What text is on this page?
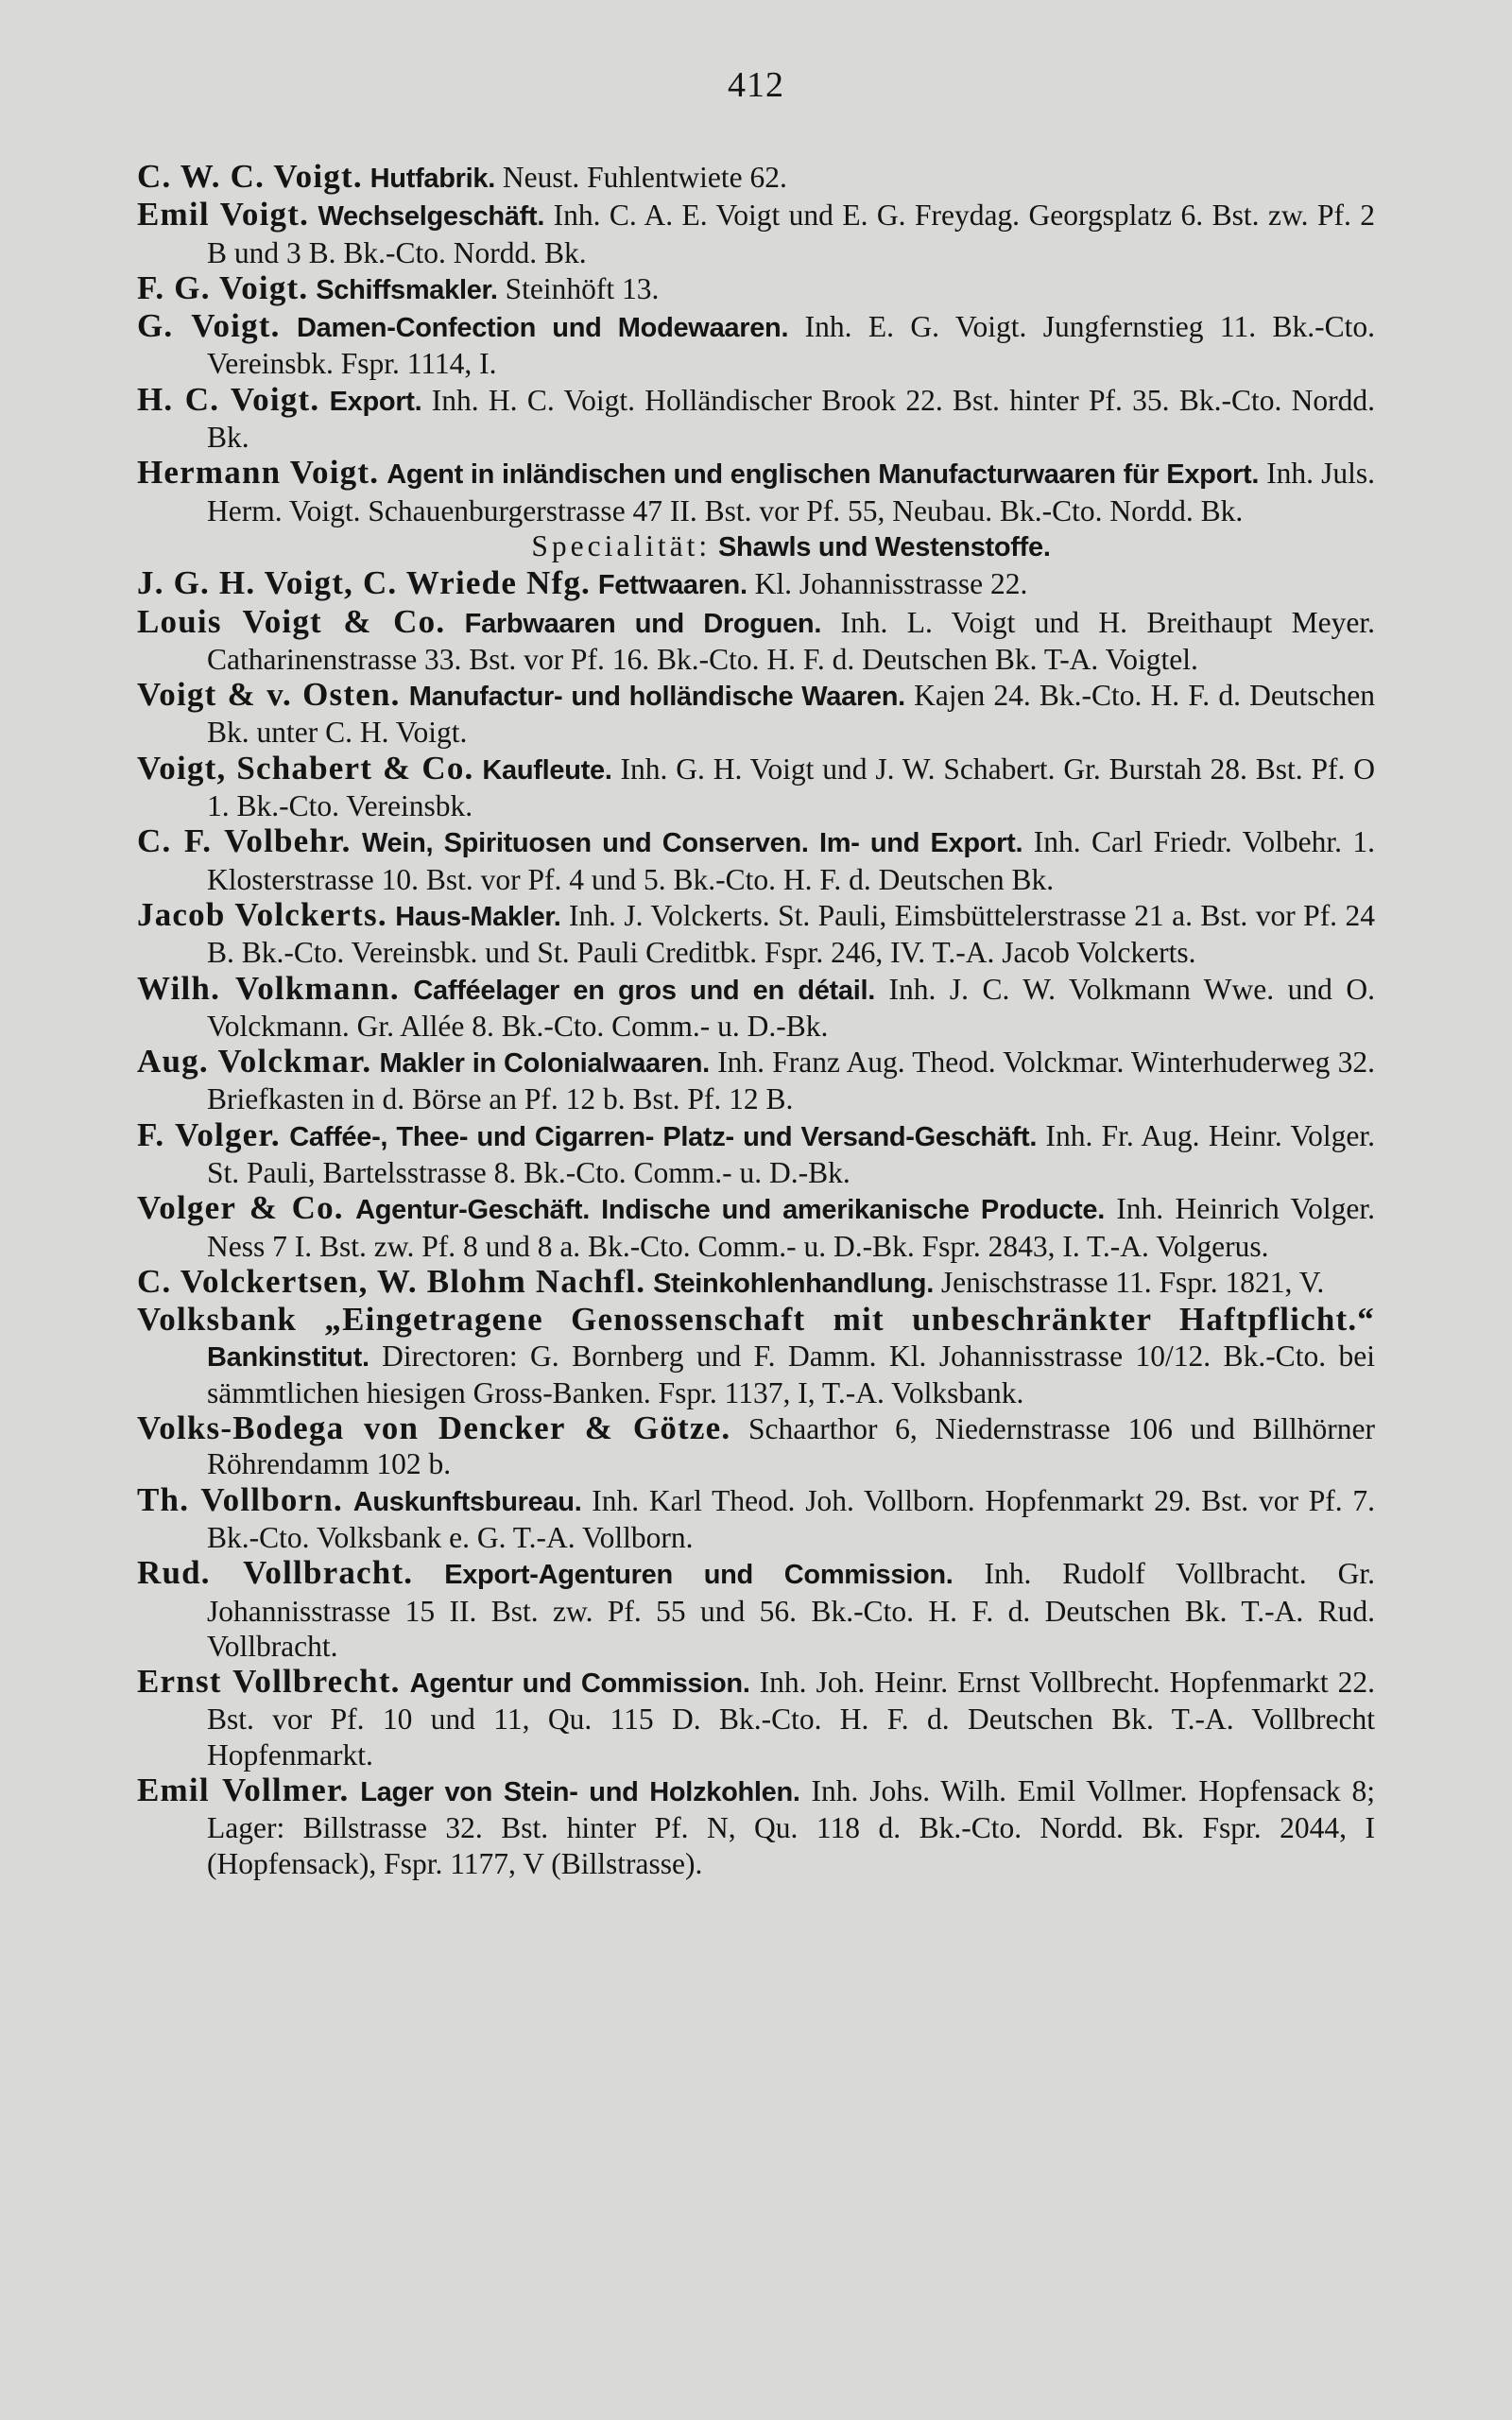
412
C. W. C. Voigt. Hutfabrik. Neust. Fuhlentwiete 62.
Emil Voigt. Wechselgeschäft. Inh. C. A. E. Voigt und E. G. Freydag. Georgsplatz 6. Bst. zw. Pf. 2 B und 3 B. Bk.-Cto. Nordd. Bk.
F. G. Voigt. Schiffsmakler. Steinhöft 13.
G. Voigt. Damen-Confection und Modewaaren. Inh. E. G. Voigt. Jungfernstieg 11. Bk.-Cto. Vereinsbk. Fspr. 1114, I.
H. C. Voigt. Export. Inh. H. C. Voigt. Holländischer Brook 22. Bst. hinter Pf. 35. Bk.-Cto. Nordd. Bk.
Hermann Voigt. Agent in inländischen und englischen Manufacturwaaren für Export. Inh. Juls. Herm. Voigt. Schauenburgerstrasse 47 II. Bst. vor Pf. 55, Neubau. Bk.-Cto. Nordd. Bk.
Specialität: Shawls und Westenstoffe.
J. G. H. Voigt, C. Wriede Nfg. Fettwaaren. Kl. Johannisstrasse 22.
Louis Voigt & Co. Farbwaaren und Droguen. Inh. L. Voigt und H. Breithaupt Meyer. Catharinenstrasse 33. Bst. vor Pf. 16. Bk.-Cto. H. F. d. Deutschen Bk. T-A. Voigtel.
Voigt & v. Osten. Manufactur- und holländische Waaren. Kajen 24. Bk.-Cto. H. F. d. Deutschen Bk. unter C. H. Voigt.
Voigt, Schabert & Co. Kaufleute. Inh. G. H. Voigt und J. W. Schabert. Gr. Burstah 28. Bst. Pf. O 1. Bk.-Cto. Vereinsbk.
C. F. Volbehr. Wein, Spirituosen und Conserven. Im- und Export. Inh. Carl Friedr. Volbehr. 1. Klosterstrasse 10. Bst. vor Pf. 4 und 5. Bk.-Cto. H. F. d. Deutschen Bk.
Jacob Volckerts. Haus-Makler. Inh. J. Volckerts. St. Pauli, Eimsbüttelerstrasse 21 a. Bst. vor Pf. 24 B. Bk.-Cto. Vereinsbk. und St. Pauli Creditbk. Fspr. 246, IV. T.-A. Jacob Volckerts.
Wilh. Volkmann. Cafféelager en gros und en détail. Inh. J. C. W. Volkmann Wwe. und O. Volckmann. Gr. Allée 8. Bk.-Cto. Comm.- u. D.-Bk.
Aug. Volckmar. Makler in Colonialwaaren. Inh. Franz Aug. Theod. Volckmar. Winterhuderweg 32. Briefkasten in d. Börse an Pf. 12 b. Bst. Pf. 12 B.
F. Volger. Caffée-, Thee- und Cigarren- Platz- und Versand-Geschäft. Inh. Fr. Aug. Heinr. Volger. St. Pauli, Bartelsstrasse 8. Bk.-Cto. Comm.- u. D.-Bk.
Volger & Co. Agentur-Geschäft. Indische und amerikanische Producte. Inh. Heinrich Volger. Ness 7 I. Bst. zw. Pf. 8 und 8 a. Bk.-Cto. Comm.- u. D.-Bk. Fspr. 2843, I. T.-A. Volgerus.
C. Volckertsen, W. Blohm Nachfl. Steinkohlenhandlung. Jenischstrasse 11. Fspr. 1821, V.
Volksbank „Eingetragene Genossenschaft mit unbeschränkter Haftpflicht.“ Bankinstitut. Directoren: G. Bornberg und F. Damm. Kl. Johannisstrasse 10/12. Bk.-Cto. bei sämmtlichen hiesigen Gross-Banken. Fspr. 1137, I, T.-A. Volksbank.
Volks-Bodega von Dencker & Götze. Schaarthor 6, Niedernstrasse 106 und Billhörner Röhrendamm 102 b.
Th. Vollborn. Auskunftsbureau. Inh. Karl Theod. Joh. Vollborn. Hopfenmarkt 29. Bst. vor Pf. 7. Bk.-Cto. Volksbank e. G. T.-A. Vollborn.
Rud. Vollbracht. Export-Agenturen und Commission. Inh. Rudolf Vollbracht. Gr. Johannisstrasse 15 II. Bst. zw. Pf. 55 und 56. Bk.-Cto. H. F. d. Deutschen Bk. T.-A. Rud. Vollbracht.
Ernst Vollbrecht. Agentur und Commission. Inh. Joh. Heinr. Ernst Vollbrecht. Hopfenmarkt 22. Bst. vor Pf. 10 und 11, Qu. 115 D. Bk.-Cto. H. F. d. Deutschen Bk. T.-A. Vollbrecht Hopfenmarkt.
Emil Vollmer. Lager von Stein- und Holzkohlen. Inh. Johs. Wilh. Emil Vollmer. Hopfensack 8; Lager: Billstrasse 32. Bst. hinter Pf. N, Qu. 118 d. Bk.-Cto. Nordd. Bk. Fspr. 2044, I (Hopfensack), Fspr. 1177, V (Billstrasse).
